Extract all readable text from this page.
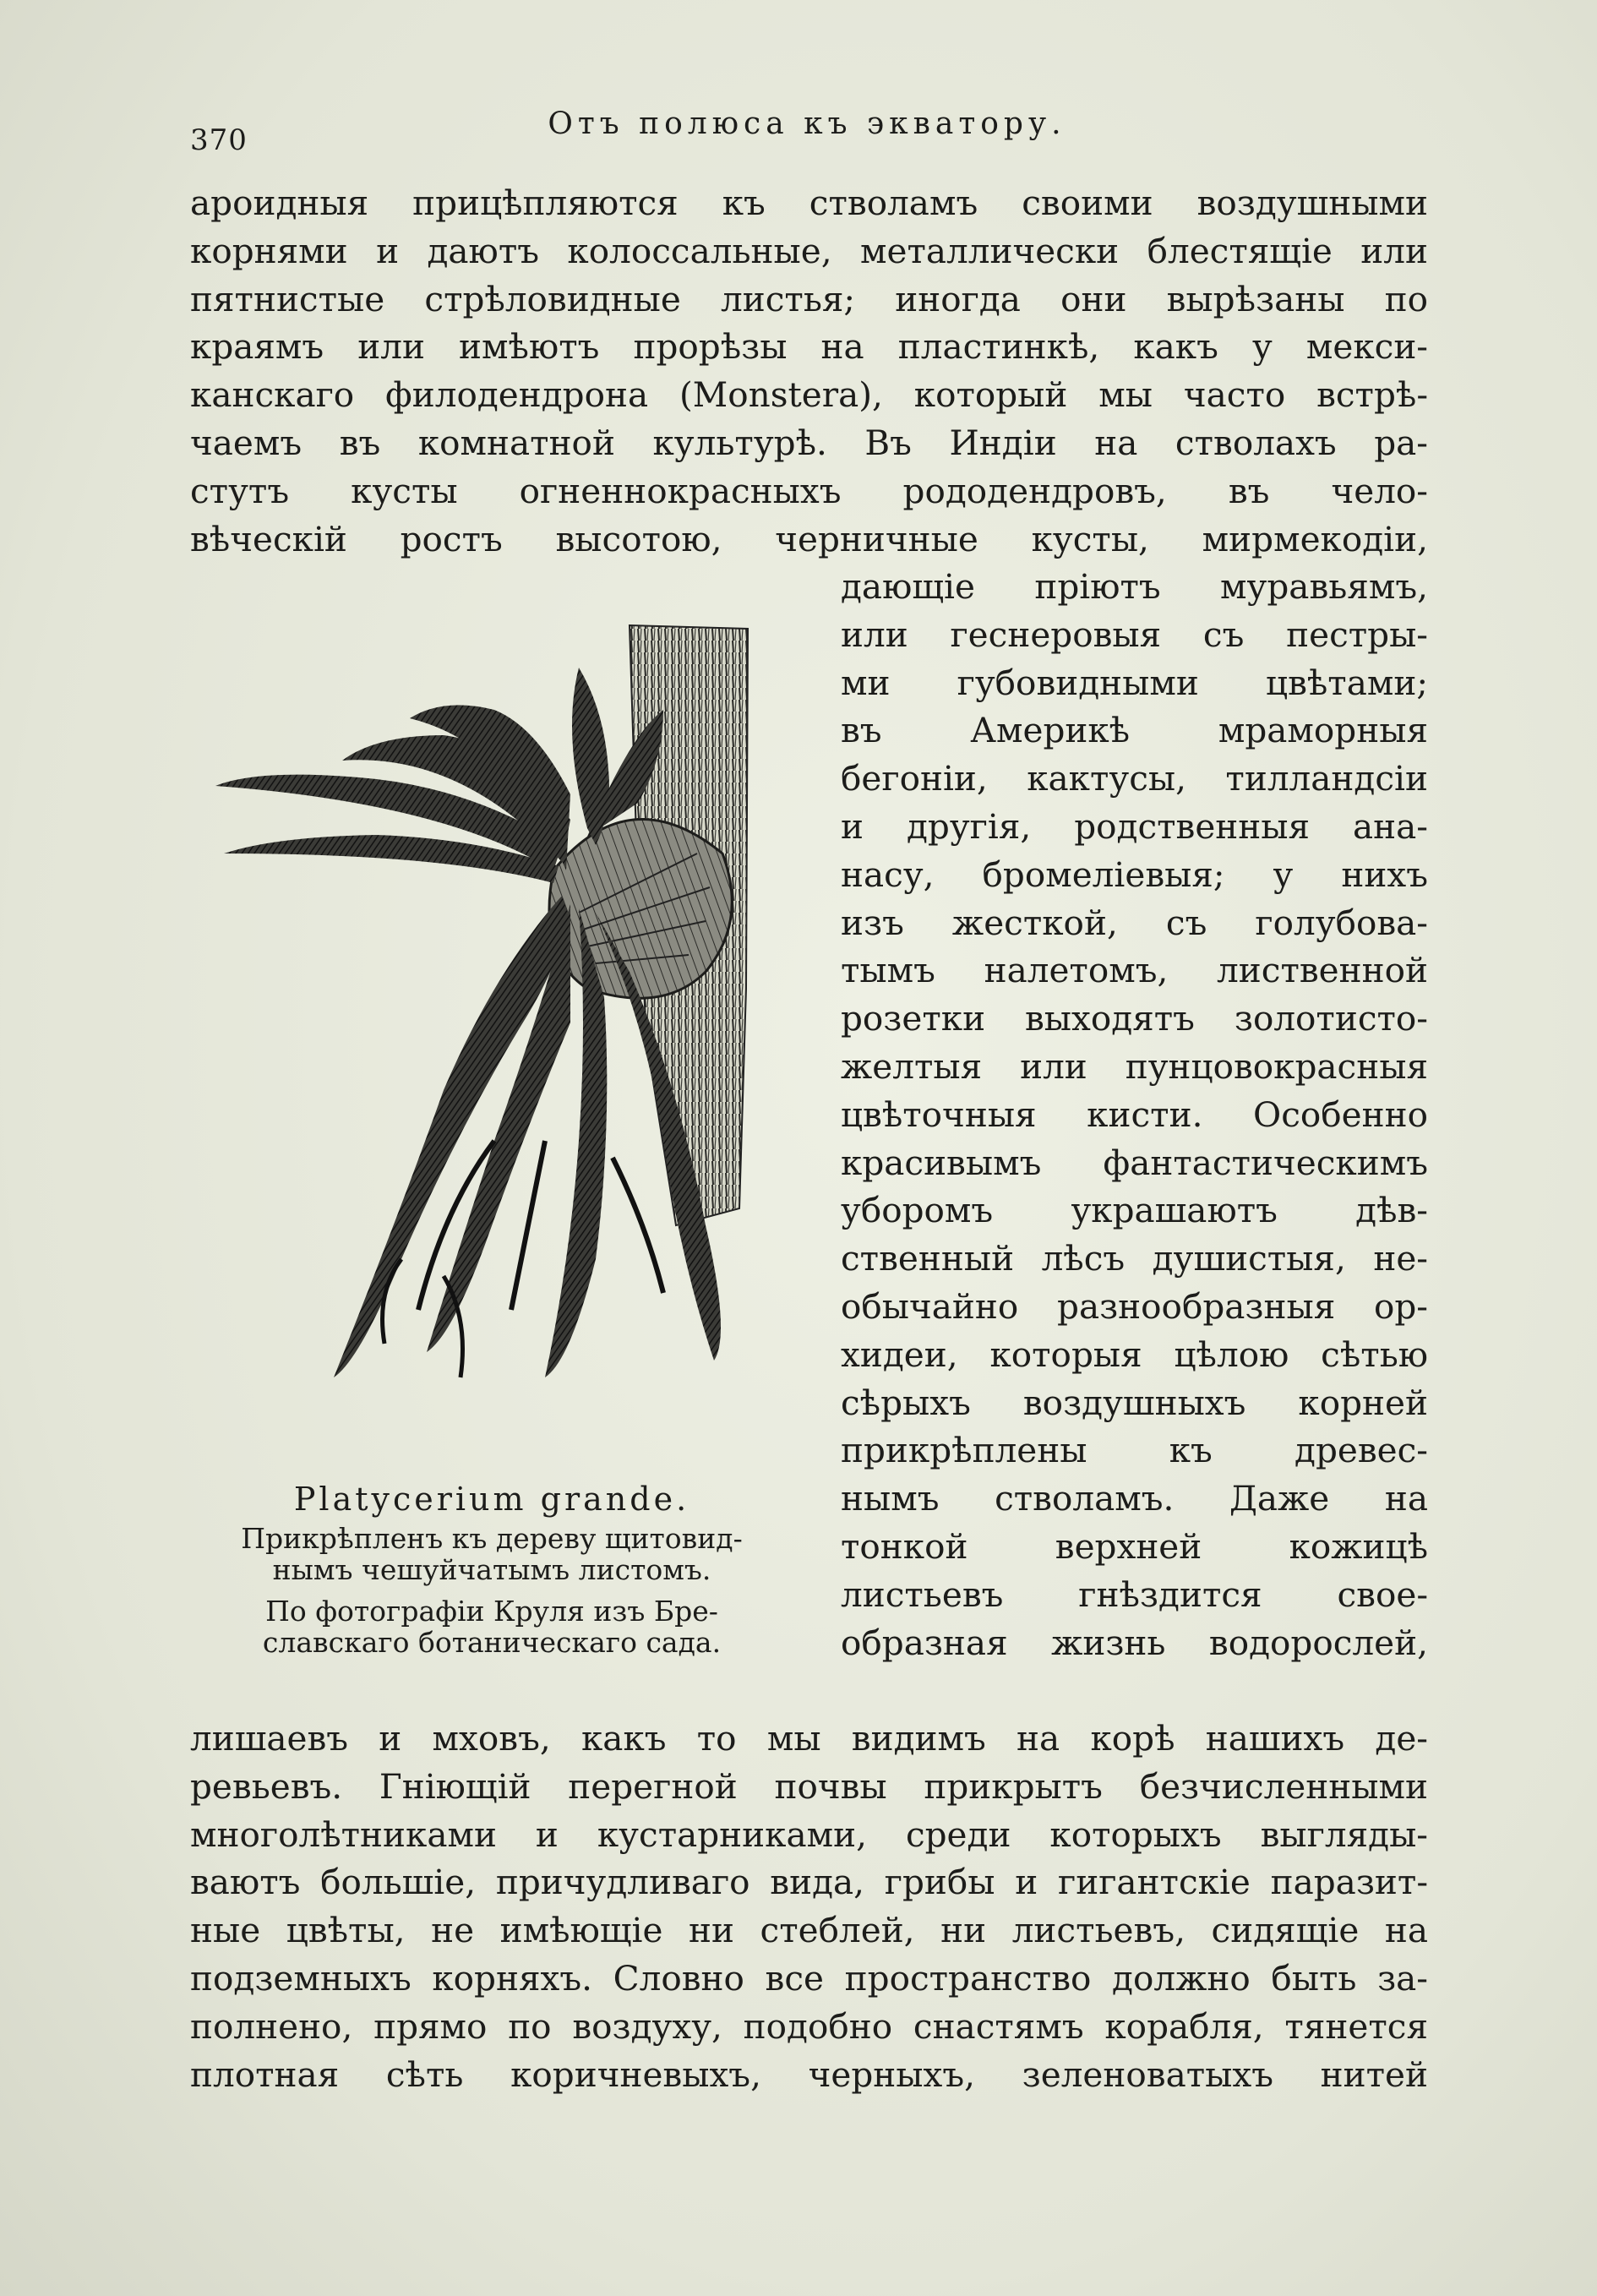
370	Отъ полюса къ экватору.
ароидныя прицѣпляются къ стволамъ своими воздушными
корнями и даютъ колоссальные, металлически блестящіе или
пятнистые стрѣловидные листья; иногда они вырѣзаны по
краямъ или имѣютъ прорѣзы на пластинкѣ, какъ у мекси-
канскаго филодендрона (Monstera), который мы часто встрѣ-
чаемъ въ комнатной культурѣ. Въ Индіи на стволахъ ра-
стутъ кусты огненнокрасныхъ рододендровъ, въ чело-
вѣческій ростъ высотою, черничные кусты, мирмекодіи,
Platycerium grande.
Прикрѣпленъ къ дереву щитовид-
нымъ чешуйчатымъ листомъ.
По фотографіи Круля изъ Бре-
славскаго ботаническаго сада.
дающіе пріютъ муравьямъ,
или геснеровыя съ пестры-
ми губовидными цвѣтами;
въ Америкѣ мраморныя
бегоніи, кактусы, тилландсіи
и другія, родственныя ана-
насу, бромеліевыя; у нихъ
изъ жесткой, съ голубова-
тымъ налетомъ, лиственной
розетки выходятъ золотисто-
желтыя или пунцовокрасныя
цвѣточныя кисти. Особенно
красивымъ фантастическимъ
уборомъ украшаютъ дѣв-
ственный лѣсъ душистыя, не-
обычайно разнообразныя ор-
хидеи, которыя цѣлою сѣтью
сѣрыхъ воздушныхъ корней
прикрѣплены къ древес-
нымъ стволамъ. Даже на
тонкой верхней кожицѣ
листьевъ гнѣздится свое-
образная жизнь водорослей,
лишаевъ и мховъ, какъ то мы видимъ на корѣ нашихъ де-
ревьевъ. Гніющій перегной почвы прикрытъ безчисленными
многолѣтниками и кустарниками, среди которыхъ выгляды-
ваютъ большіе, причудливаго вида, грибы и гигантскіе паразит-
ные цвѣты, не имѣющіе ни стеблей, ни листьевъ, сидящіе на
подземныхъ корняхъ. Словно все пространство должно быть за-
полнено, прямо по воздуху, подобно снастямъ корабля, тянется
плотная сѣть коричневыхъ, черныхъ, зеленоватыхъ нитей
